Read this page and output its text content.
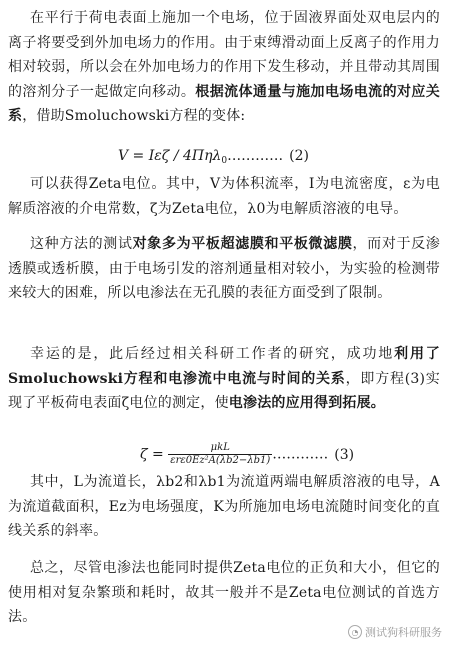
在平行于荷电表面上施加一个电场，位于固液界面处双电层内的离子将要受到外加电场力的作用。由于束缚滑动面上反离子的作用力相对较弱，所以会在外加电场力的作用下发生移动，并且带动其周围的溶剂分子一起做定向移动。根据流体通量与施加电场电流的对应关系，借助Smoluchowski方程的变体:

V = Iεζ / 4Πηλ$_0$………… (2)

可以获得Zeta电位。其中，V为体积流率，I为电流密度，ε为电解质溶液的介电常数，ζ为Zeta电位，λ0为电解质溶液的电导。

这种方法的测试对象多为平板超滤膜和平板微滤膜，而对于反渗透膜或透析膜，由于电场引发的溶剂通量相对较小，为实验的检测带来较大的困难，所以电渗法在无孔膜的表征方面受到了限制。

幸运的是，此后经过相关科研工作者的研究，成功地利用了Smoluchowski方程和电渗流中电流与时间的关系，即方程(3)实现了平板荷电表面ζ电位的测定，使电渗法的应用得到拓展。

$\zeta = \frac{\text{μkL}}{\text{εrε0Ez²A(λb2−λb1)}}$ ………… (3)

其中，L为流道长，λb2和λb1为流道两端电解质溶液的电导，A为流道截面积，Ez为电场强度，K为所施加电场电流随时间变化的直线关系的斜率。

总之，尽管电渗法也能同时提供Zeta电位的正负和大小，但它的使用相对复杂繁琐和耗时，故其一般并不是Zeta电位测试的首选方法。

◔ 测试狗科研服务
